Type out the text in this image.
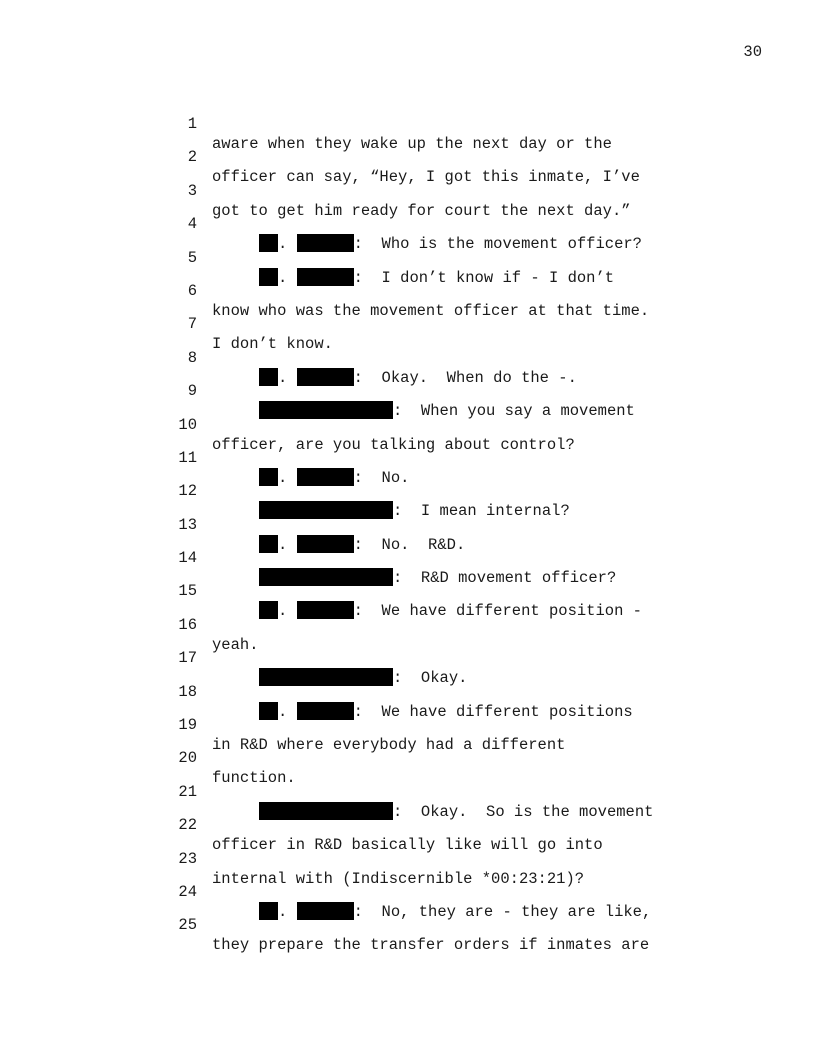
30

1

aware when they wake up the next day or the

2

officer can say, “Hey, I got this inmate, I’ve

3

got to get him ready for court the next day.”

4

.	:  Who is the movement officer?

5

.	:  I don’t know if - I don’t

6

know who was the movement officer at that time.

7

I don’t know.

8

.	:  Okay.  When do the -.

9

:  When you say a movement

10

officer, are you talking about control?

11

.	:  No.

12

:  I mean internal?

13

.	:  No.  R&D.

14

:  R&D movement officer?

15

.	:  We have different position -

16

yeah.

17

:  Okay.

18

.	:  We have different positions

19

in R&D where everybody had a different

20

function.

21

:  Okay.  So is the movement

22

officer in R&D basically like will go into

23

internal with (Indiscernible *00:23:21)?

24

.	:  No, they are - they are like,

25

they prepare the transfer orders if inmates are
